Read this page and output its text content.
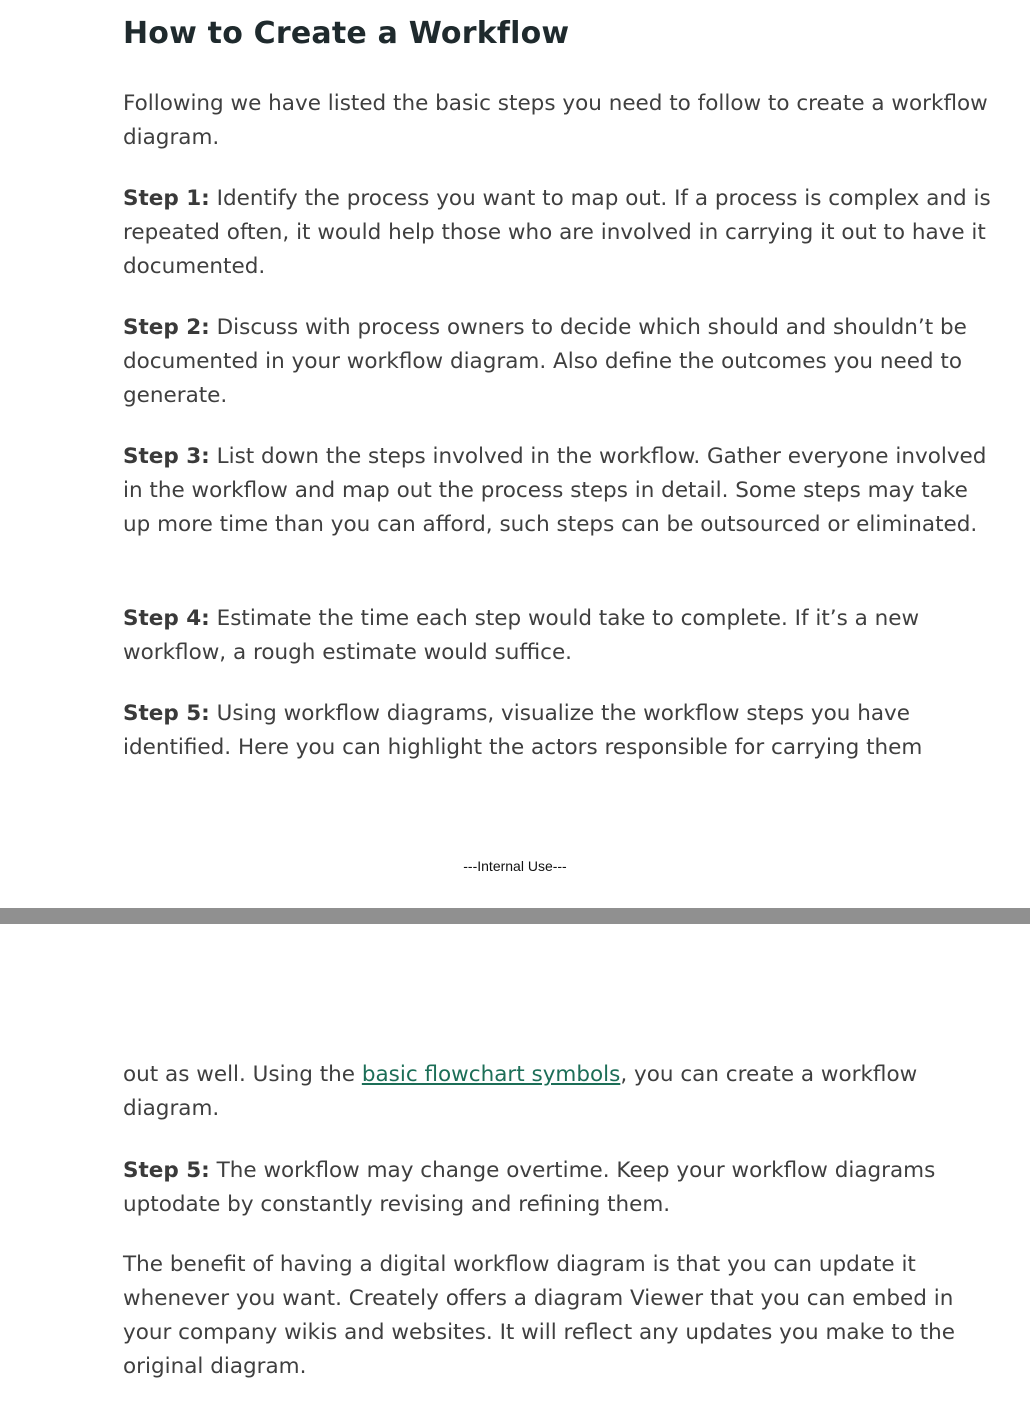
How to Create a Workflow

Following we have listed the basic steps you need to follow to create a workflow diagram.

Step 1: Identify the process you want to map out. If a process is complex and is repeated often, it would help those who are involved in carrying it out to have it documented.

Step 2: Discuss with process owners to decide which should and shouldn’t be documented in your workflow diagram. Also define the outcomes you need to generate.

Step 3: List down the steps involved in the workflow. Gather everyone involved in the workflow and map out the process steps in detail. Some steps may take up more time than you can afford, such steps can be outsourced or eliminated.

Step 4: Estimate the time each step would take to complete. If it’s a new workflow, a rough estimate would suffice.

Step 5: Using workflow diagrams, visualize the workflow steps you have identified. Here you can highlight the actors responsible for carrying them

---Internal Use---

out as well. Using the basic flowchart symbols, you can create a workflow diagram.

Step 5: The workflow may change overtime. Keep your workflow diagrams uptodate by constantly revising and refining them.

The benefit of having a digital workflow diagram is that you can update it whenever you want. Creately offers a diagram Viewer that you can embed in your company wikis and websites. It will reflect any updates you make to the original diagram.
